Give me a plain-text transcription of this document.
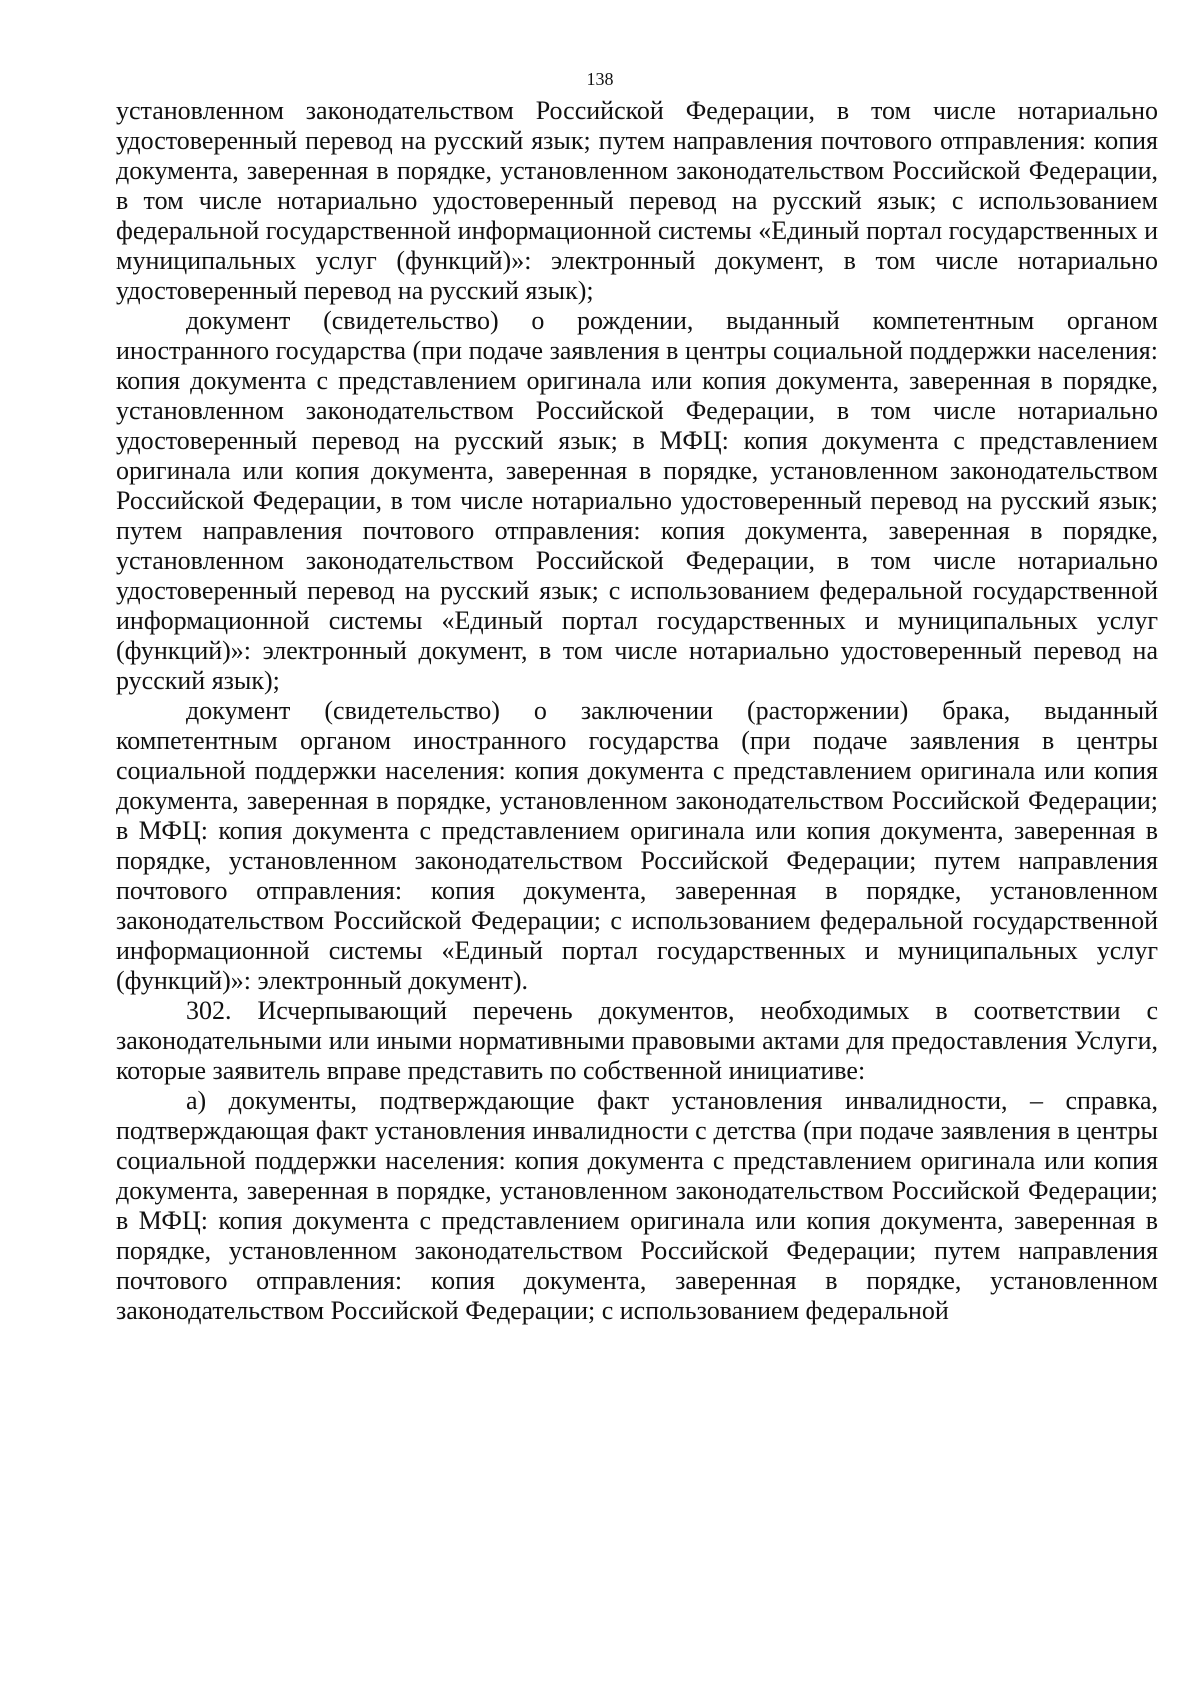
138

установленном законодательством Российской Федерации, в том числе нотариально удостоверенный перевод на русский язык; путем направления почтового отправления: копия документа, заверенная в порядке, установленном законодательством Российской Федерации, в том числе нотариально удостоверенный перевод на русский язык; с использованием федеральной государственной информационной системы «Единый портал государственных и муниципальных услуг (функций)»: электронный документ, в том числе нотариально удостоверенный перевод на русский язык);

документ (свидетельство) о рождении, выданный компетентным органом иностранного государства (при подаче заявления в центры социальной поддержки населения: копия документа с представлением оригинала или копия документа, заверенная в порядке, установленном законодательством Российской Федерации, в том числе нотариально удостоверенный перевод на русский язык; в МФЦ: копия документа с представлением оригинала или копия документа, заверенная в порядке, установленном законодательством Российской Федерации, в том числе нотариально удостоверенный перевод на русский язык; путем направления почтового отправления: копия документа, заверенная в порядке, установленном законодательством Российской Федерации, в том числе нотариально удостоверенный перевод на русский язык; с использованием федеральной государственной информационной системы «Единый портал государственных и муниципальных услуг (функций)»: электронный документ, в том числе нотариально удостоверенный перевод на русский язык);

документ (свидетельство) о заключении (расторжении) брака, выданный компетентным органом иностранного государства (при подаче заявления в центры социальной поддержки населения: копия документа с представлением оригинала или копия документа, заверенная в порядке, установленном законодательством Российской Федерации; в МФЦ: копия документа с представлением оригинала или копия документа, заверенная в порядке, установленном законодательством Российской Федерации; путем направления почтового отправления: копия документа, заверенная в порядке, установленном законодательством Российской Федерации; с использованием федеральной государственной информационной системы «Единый портал государственных и муниципальных услуг (функций)»: электронный документ).

302. Исчерпывающий перечень документов, необходимых в соответствии с законодательными или иными нормативными правовыми актами для предоставления Услуги, которые заявитель вправе представить по собственной инициативе:

а) документы, подтверждающие факт установления инвалидности, – справка, подтверждающая факт установления инвалидности с детства (при подаче заявления в центры социальной поддержки населения: копия документа с представлением оригинала или копия документа, заверенная в порядке, установленном законодательством Российской Федерации; в МФЦ: копия документа с представлением оригинала или копия документа, заверенная в порядке, установленном законодательством Российской Федерации; путем направления почтового отправления: копия документа, заверенная в порядке, установленном законодательством Российской Федерации; с использованием федеральной
